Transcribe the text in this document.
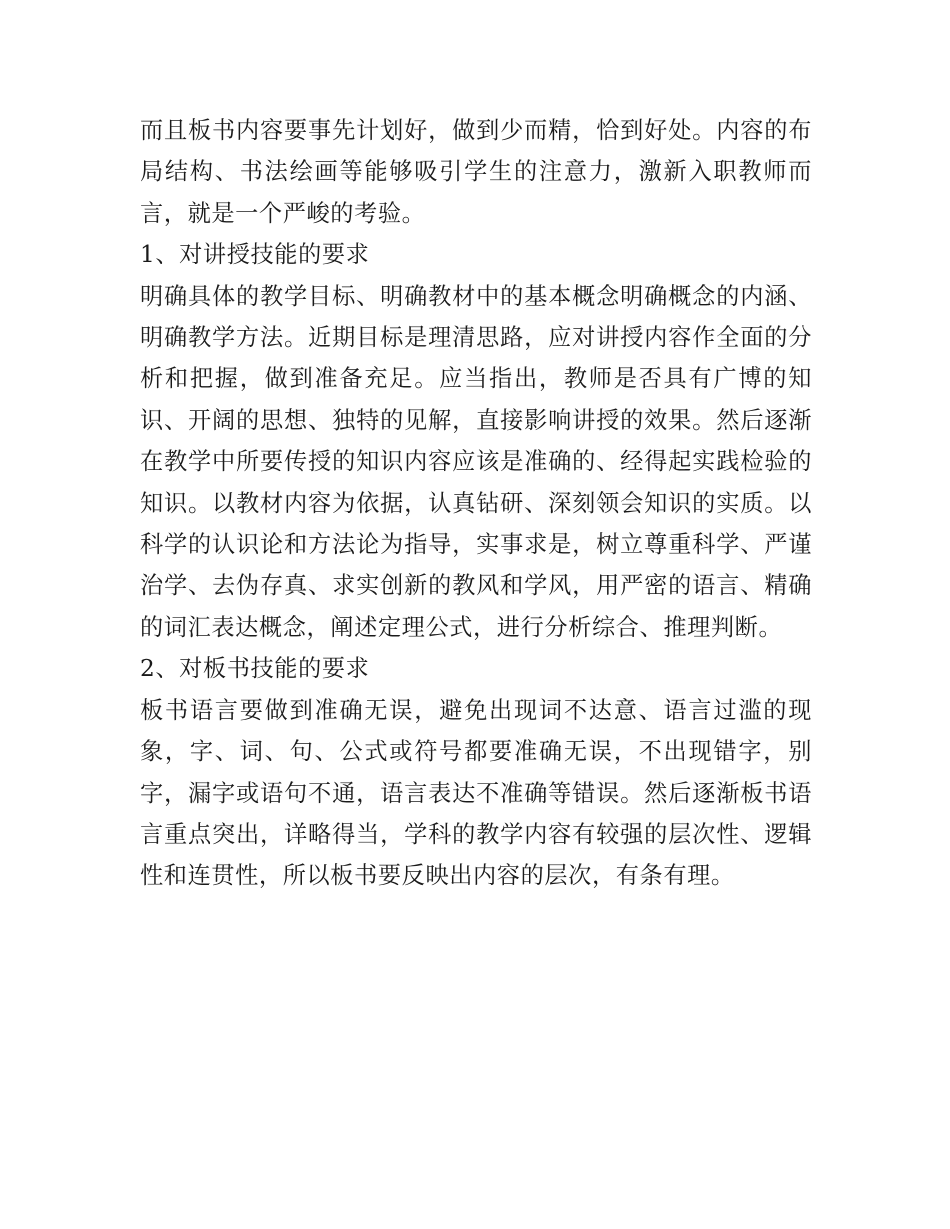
而且板书内容要事先计划好，做到少而精，恰到好处。内容的布局结构、书法绘画等能够吸引学生的注意力，激新入职教师而言，就是一个严峻的考验。

1、对讲授技能的要求

明确具体的教学目标、明确教材中的基本概念明确概念的内涵、明确教学方法。近期目标是理清思路，应对讲授内容作全面的分析和把握，做到准备充足。应当指出，教师是否具有广博的知识、开阔的思想、独特的见解，直接影响讲授的效果。然后逐渐在教学中所要传授的知识内容应该是准确的、经得起实践检验的知识。以教材内容为依据，认真钻研、深刻领会知识的实质。以科学的认识论和方法论为指导，实事求是，树立尊重科学、严谨治学、去伪存真、求实创新的教风和学风，用严密的语言、精确的词汇表达概念，阐述定理公式，进行分析综合、推理判断。

2、对板书技能的要求

板书语言要做到准确无误，避免出现词不达意、语言过滥的现象，字、词、句、公式或符号都要准确无误，不出现错字，别字，漏字或语句不通，语言表达不准确等错误。然后逐渐板书语言重点突出，详略得当，学科的教学内容有较强的层次性、逻辑性和连贯性，所以板书要反映出内容的层次，有条有理。
